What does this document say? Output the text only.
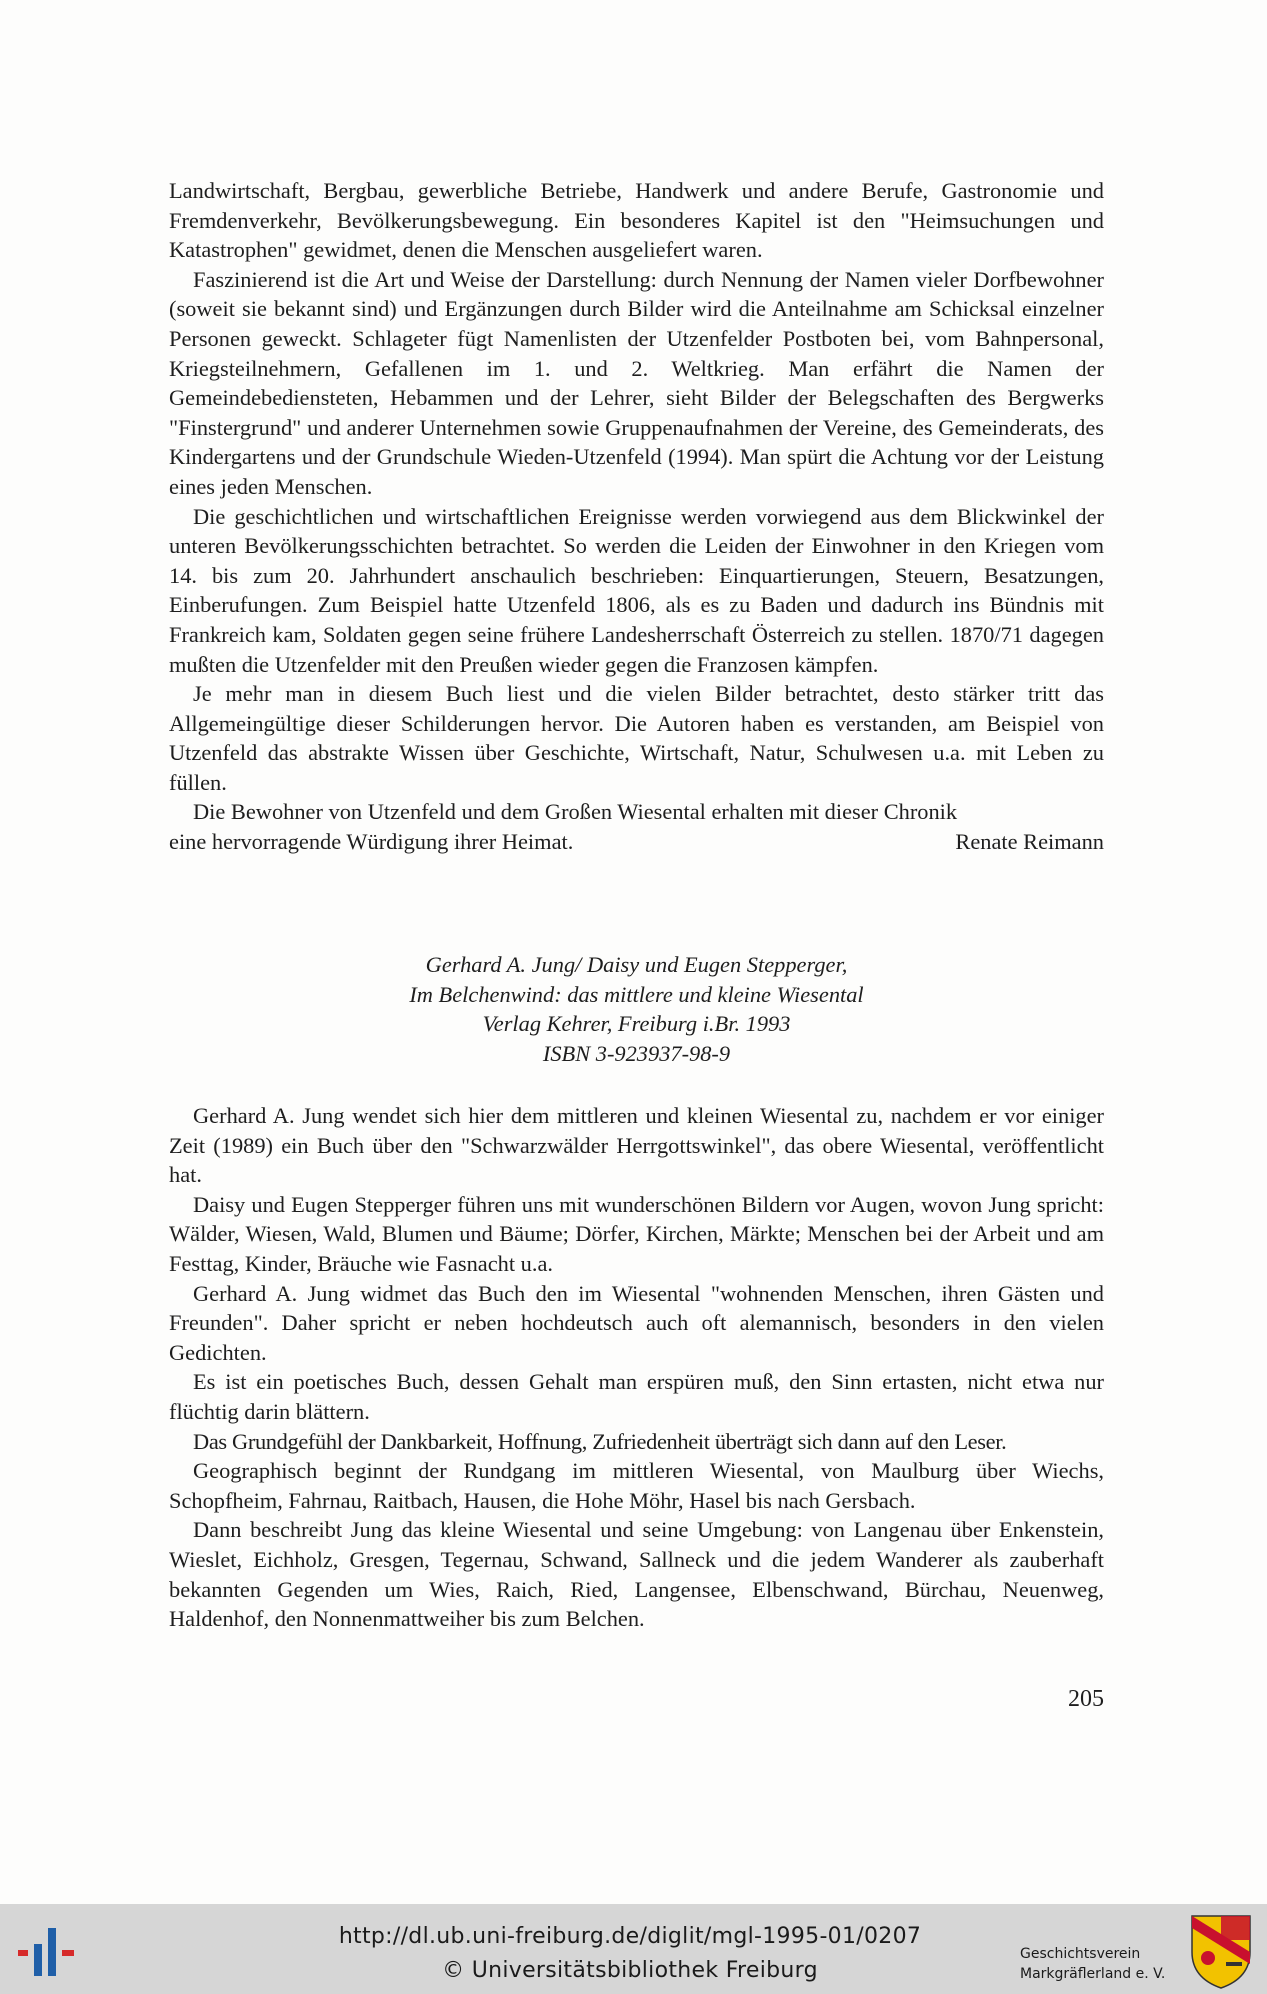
Landwirtschaft, Bergbau, gewerbliche Betriebe, Handwerk und andere Berufe, Gastronomie und Fremdenverkehr, Bevölkerungsbewegung. Ein besonderes Kapitel ist den "Heimsuchungen und Katastrophen" gewidmet, denen die Menschen ausgeliefert waren.

Faszinierend ist die Art und Weise der Darstellung: durch Nennung der Namen vieler Dorfbewohner (soweit sie bekannt sind) und Ergänzungen durch Bilder wird die Anteilnahme am Schicksal einzelner Personen geweckt. Schlageter fügt Namenlisten der Utzenfelder Postboten bei, vom Bahnpersonal, Kriegsteilnehmern, Gefallenen im 1. und 2. Weltkrieg. Man erfährt die Namen der Gemeindebediensteten, Hebammen und der Lehrer, sieht Bilder der Belegschaften des Bergwerks "Finstergrund" und anderer Unternehmen sowie Gruppenaufnahmen der Vereine, des Gemeinderats, des Kindergartens und der Grundschule Wieden-Utzenfeld (1994). Man spürt die Achtung vor der Leistung eines jeden Menschen.

Die geschichtlichen und wirtschaftlichen Ereignisse werden vorwiegend aus dem Blickwinkel der unteren Bevölkerungsschichten betrachtet. So werden die Leiden der Einwohner in den Kriegen vom 14. bis zum 20. Jahrhundert anschaulich beschrieben: Einquartierungen, Steuern, Besatzungen, Einberufungen. Zum Beispiel hatte Utzenfeld 1806, als es zu Baden und dadurch ins Bündnis mit Frankreich kam, Soldaten gegen seine frühere Landesherrschaft Österreich zu stellen. 1870/71 dagegen mußten die Utzenfelder mit den Preußen wieder gegen die Franzosen kämpfen.

Je mehr man in diesem Buch liest und die vielen Bilder betrachtet, desto stärker tritt das Allgemeingültige dieser Schilderungen hervor. Die Autoren haben es verstanden, am Beispiel von Utzenfeld das abstrakte Wissen über Geschichte, Wirtschaft, Natur, Schulwesen u.a. mit Leben zu füllen.

Die Bewohner von Utzenfeld und dem Großen Wiesental erhalten mit dieser Chronik

eine hervorragende Würdigung ihrer Heimat.	Renate Reimann
Gerhard A. Jung/ Daisy und Eugen Stepperger,
Im Belchenwind: das mittlere und kleine Wiesental
Verlag Kehrer, Freiburg i.Br. 1993
ISBN 3-923937-98-9

Gerhard A. Jung wendet sich hier dem mittleren und kleinen Wiesental zu, nachdem er vor einiger Zeit (1989) ein Buch über den "Schwarzwälder Herrgottswinkel", das obere Wiesental, veröffentlicht hat.

Daisy und Eugen Stepperger führen uns mit wunderschönen Bildern vor Augen, wovon Jung spricht: Wälder, Wiesen, Wald, Blumen und Bäume; Dörfer, Kirchen, Märkte; Menschen bei der Arbeit und am Festtag, Kinder, Bräuche wie Fasnacht u.a.

Gerhard A. Jung widmet das Buch den im Wiesental "wohnenden Menschen, ihren Gästen und Freunden". Daher spricht er neben hochdeutsch auch oft alemannisch, besonders in den vielen Gedichten.

Es ist ein poetisches Buch, dessen Gehalt man erspüren muß, den Sinn ertasten, nicht etwa nur flüchtig darin blättern.

Das Grundgefühl der Dankbarkeit, Hoffnung, Zufriedenheit überträgt sich dann auf den Leser.

Geographisch beginnt der Rundgang im mittleren Wiesental, von Maulburg über Wiechs, Schopfheim, Fahrnau, Raitbach, Hausen, die Hohe Möhr, Hasel bis nach Gersbach.

Dann beschreibt Jung das kleine Wiesental und seine Umgebung: von Langenau über Enkenstein, Wieslet, Eichholz, Gresgen, Tegernau, Schwand, Sallneck und die jedem Wanderer als zauberhaft bekannten Gegenden um Wies, Raich, Ried, Langensee, Elbenschwand, Bürchau, Neuenweg, Haldenhof, den Nonnenmattweiher bis zum Belchen.

205
http://dl.ub.uni-freiburg.de/diglit/mgl-1995-01/0207
© Universitätsbibliothek Freiburg
Geschichtsverein
Markgräflerland e. V.
